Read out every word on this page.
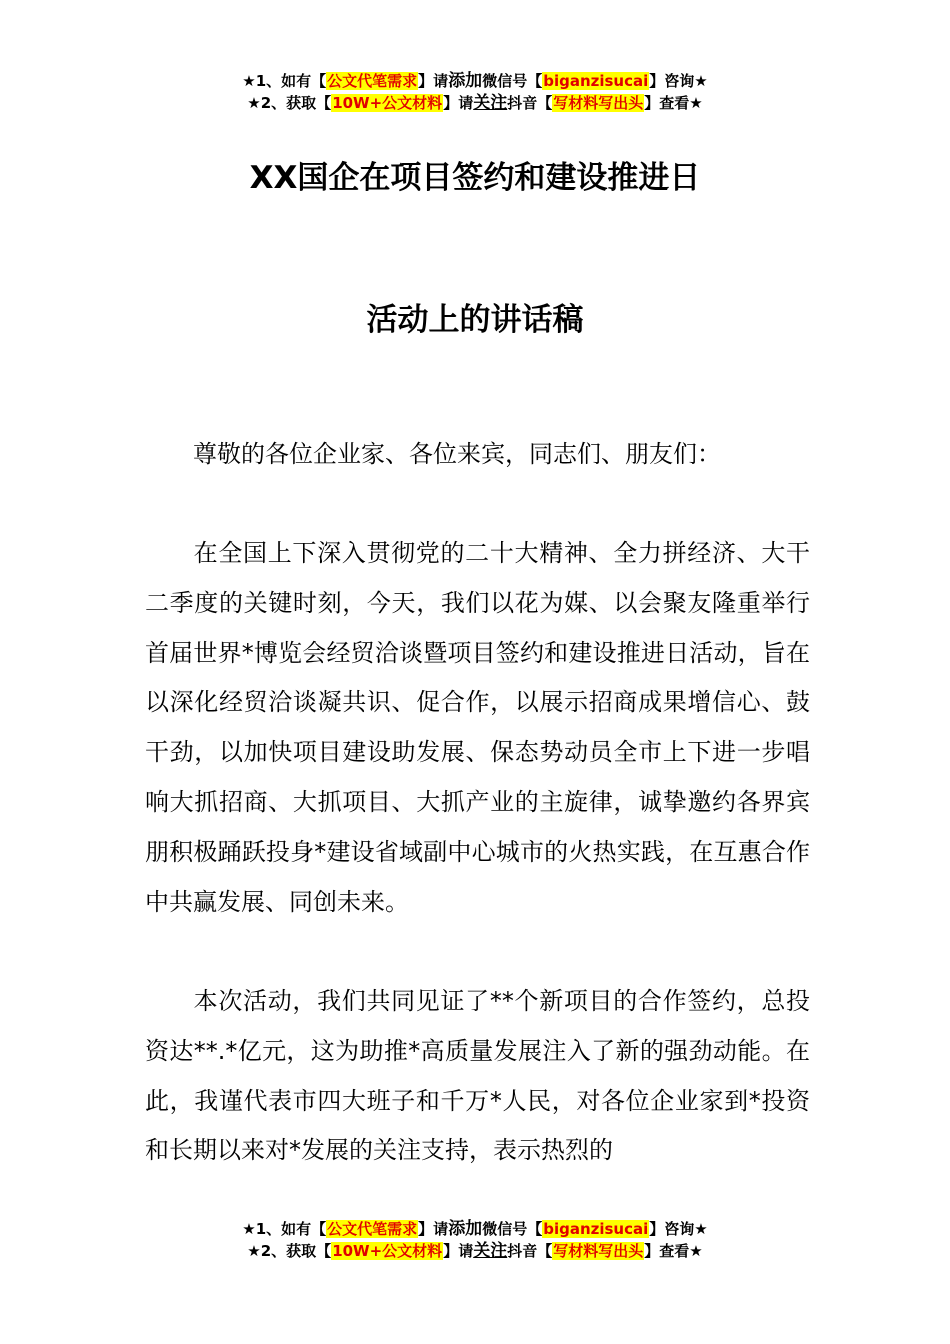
★1、如有【公文代笔需求】请添加微信号【biganzisucai】咨询★
★2、获取【10W+公文材料】请关注抖音【写材料写出头】查看★
XX国企在项目签约和建设推进日
活动上的讲话稿
尊敬的各位企业家、各位来宾，同志们、朋友们：

在全国上下深入贯彻党的二十大精神、全力拼经济、大干二季度的关键时刻，今天，我们以花为媒、以会聚友隆重举行首届世界*博览会经贸洽谈暨项目签约和建设推进日活动，旨在以深化经贸洽谈凝共识、促合作，以展示招商成果增信心、鼓干劲，以加快项目建设助发展、保态势动员全市上下进一步唱响大抓招商、大抓项目、大抓产业的主旋律，诚挚邀约各界宾朋积极踊跃投身*建设省域副中心城市的火热实践，在互惠合作中共赢发展、同创未来。

本次活动，我们共同见证了**个新项目的合作签约，总投资达**.*亿元，这为助推*高质量发展注入了新的强劲动能。在此，我谨代表市四大班子和千万*人民，对各位企业家到*投资和长期以来对*发展的关注支持，表示热烈的

★1、如有【公文代笔需求】请添加微信号【biganzisucai】咨询★
★2、获取【10W+公文材料】请关注抖音【写材料写出头】查看★
